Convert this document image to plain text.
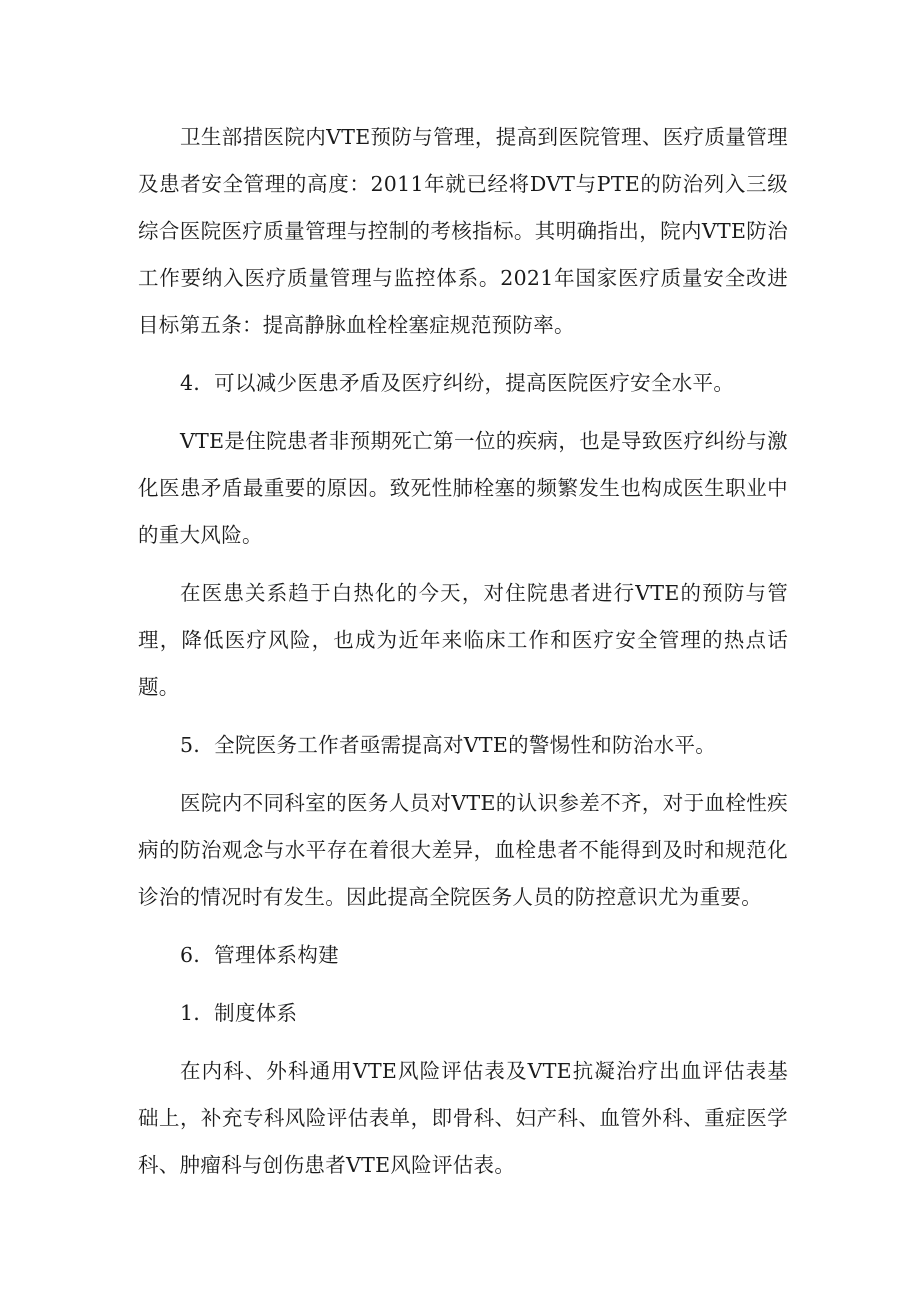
卫生部措医院内VTE预防与管理，提高到医院管理、医疗质量管理及患者安全管理的高度：2011年就已经将DVT与PTE的防治列入三级综合医院医疗质量管理与控制的考核指标。其明确指出，院内VTE防治工作要纳入医疗质量管理与监控体系。2021年国家医疗质量安全改进目标第五条：提高静脉血栓栓塞症规范预防率。

4．可以减少医患矛盾及医疗纠纷，提高医院医疗安全水平。

VTE是住院患者非预期死亡第一位的疾病，也是导致医疗纠纷与激化医患矛盾最重要的原因。致死性肺栓塞的频繁发生也构成医生职业中的重大风险。

在医患关系趋于白热化的今天，对住院患者进行VTE的预防与管理，降低医疗风险，也成为近年来临床工作和医疗安全管理的热点话题。

5．全院医务工作者亟需提高对VTE的警惕性和防治水平。

医院内不同科室的医务人员对VTE的认识参差不齐，对于血栓性疾病的防治观念与水平存在着很大差异，血栓患者不能得到及时和规范化诊治的情况时有发生。因此提高全院医务人员的防控意识尤为重要。

6．管理体系构建

1．制度体系

在内科、外科通用VTE风险评估表及VTE抗凝治疗出血评估表基础上，补充专科风险评估表单，即骨科、妇产科、血管外科、重症医学科、肿瘤科与创伤患者VTE风险评估表。
